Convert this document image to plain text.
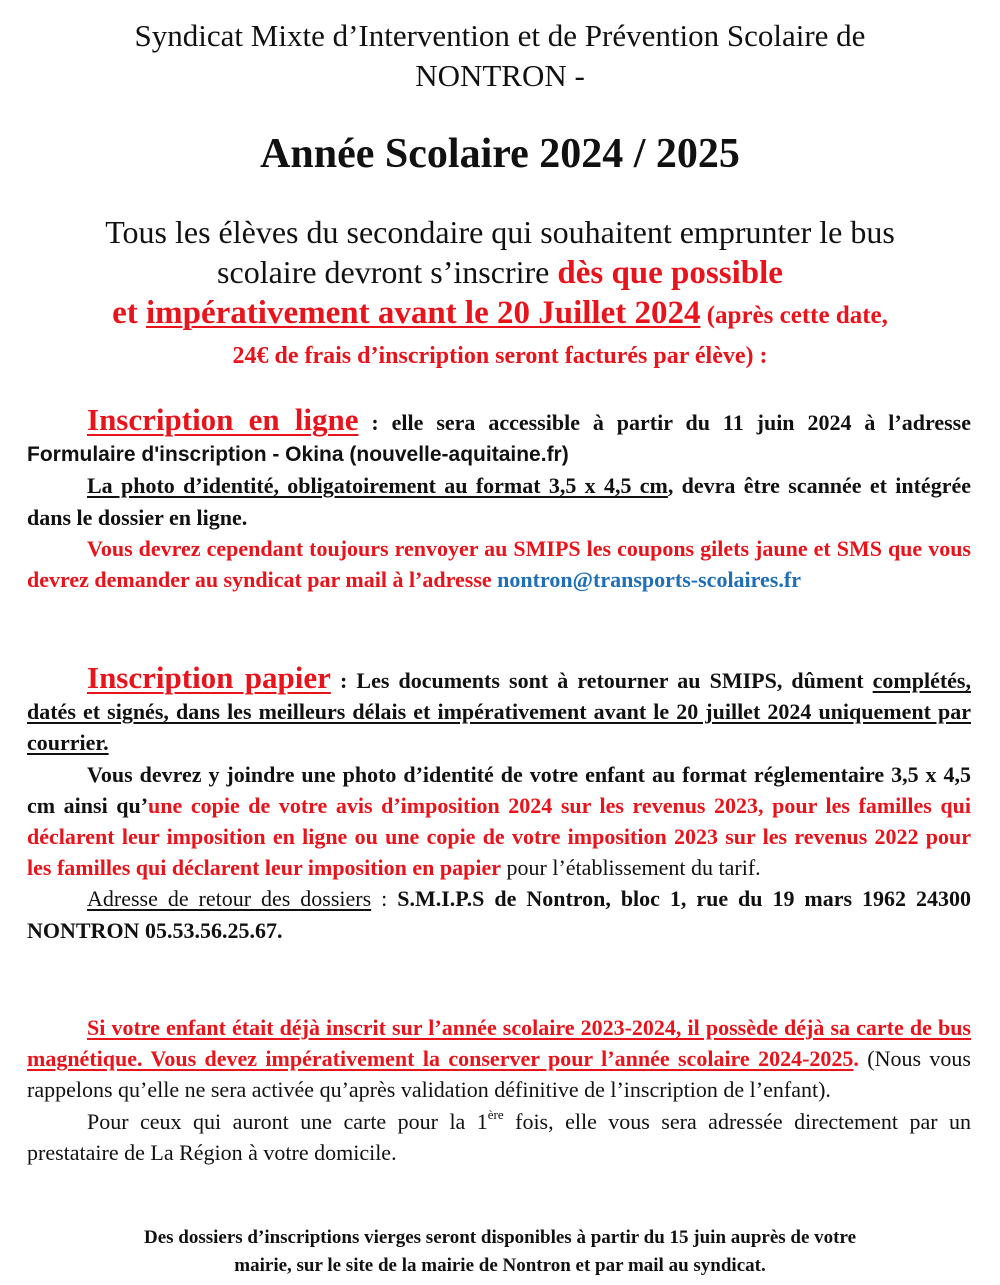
Syndicat Mixte d’Intervention et de Prévention Scolaire de
NONTRON -
Année Scolaire 2024 / 2025
Tous les élèves du secondaire qui souhaitent emprunter le bus
scolaire devront s’inscrire dès que possible
et impérativement avant le 20 Juillet 2024 (après cette date,
24€ de frais d’inscription seront facturés par élève) :

Inscription en ligne : elle sera accessible à partir du 11 juin 2024 à l’adresse Formulaire d'inscription - Okina (nouvelle-aquitaine.fr)

La photo d’identité, obligatoirement au format 3,5 x 4,5 cm, devra être scannée et intégrée dans le dossier en ligne.

Vous devrez cependant toujours renvoyer au SMIPS les coupons gilets jaune et SMS que vous devrez demander au syndicat par mail à l’adresse nontron@transports-scolaires.fr

Inscription papier : Les documents sont à retourner au SMIPS, dûment complétés, datés et signés, dans les meilleurs délais et impérativement avant le 20 juillet 2024 uniquement par courrier.

Vous devrez y joindre une photo d’identité de votre enfant au format réglementaire 3,5 x 4,5 cm ainsi qu’une copie de votre avis d’imposition 2024 sur les revenus 2023, pour les familles qui déclarent leur imposition en ligne ou une copie de votre imposition 2023 sur les revenus 2022 pour les familles qui déclarent leur imposition en papier pour l’établissement du tarif.

Adresse de retour des dossiers : S.M.I.P.S de Nontron, bloc 1, rue du 19 mars 1962 24300 NONTRON 05.53.56.25.67.

Si votre enfant était déjà inscrit sur l’année scolaire 2023-2024, il possède déjà sa carte de bus magnétique. Vous devez impérativement la conserver pour l’année scolaire 2024-2025. (Nous vous rappelons qu’elle ne sera activée qu’après validation définitive de l’inscription de l’enfant).

Pour ceux qui auront une carte pour la 1ère fois, elle vous sera adressée directement par un prestataire de La Région à votre domicile.

Des dossiers d’inscriptions vierges seront disponibles à partir du 15 juin auprès de votre
mairie, sur le site de la mairie de Nontron et par mail au syndicat.
